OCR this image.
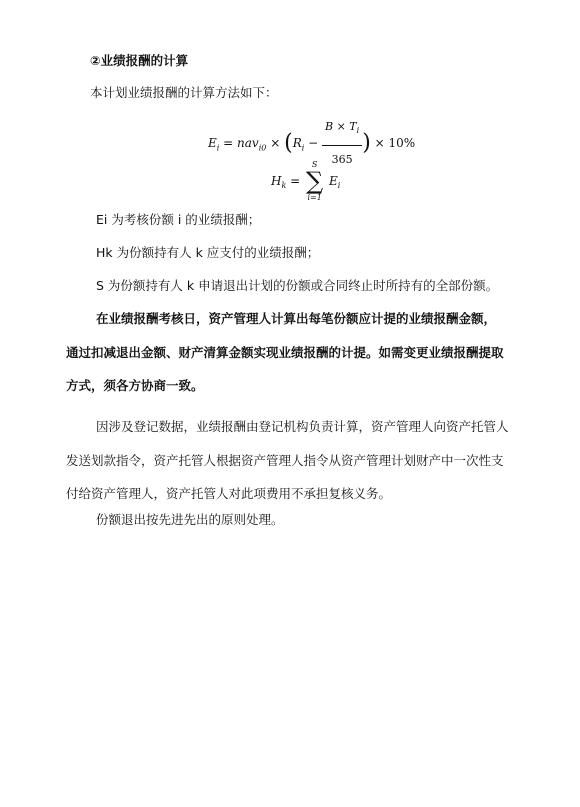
②业绩报酬的计算
本计划业绩报酬的计算方法如下：
$E_i = nav_{i0} \times (R_i - \frac{B \times T_i}{365}$ ) × 10%
$H_k$ =
S
∑
i=1
$E_i$
Ei 为考核份额 i 的业绩报酬；
Hk 为份额持有人 k 应支付的业绩报酬；
S 为份额持有人 k 申请退出计划的份额或合同终止时所持有的全部份额。
在业绩报酬考核日，资产管理人计算出每笔份额应计提的业绩报酬金额，
通过扣减退出金额、财产清算金额实现业绩报酬的计提。如需变更业绩报酬提取
方式，须各方协商一致。
因涉及登记数据，业绩报酬由登记机构负责计算，资产管理人向资产托管人
发送划款指令，资产托管人根据资产管理人指令从资产管理计划财产中一次性支
付给资产管理人，资产托管人对此项费用不承担复核义务。
份额退出按先进先出的原则处理。
